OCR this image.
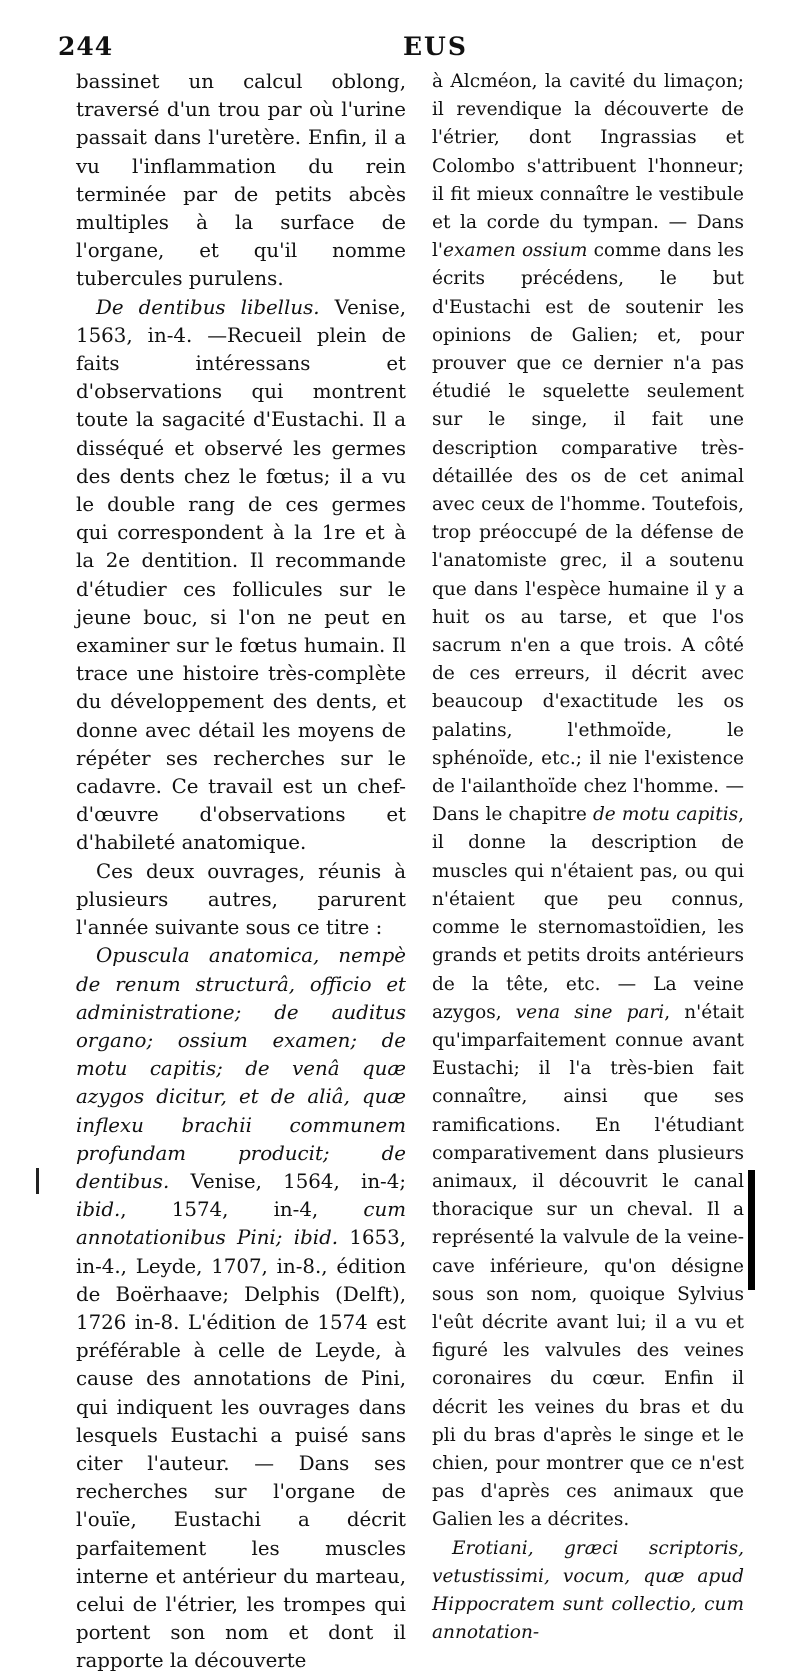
244	EUS

bassinet un calcul oblong, traversé d'un trou par où l'urine passait dans l'uretère. Enfin, il a vu l'inflammation du rein terminée par de petits abcès multiples à la surface de l'organe, et qu'il nomme tubercules purulens.

De dentibus libellus. Venise, 1563, in-4. —Recueil plein de faits intéressans et d'observations qui montrent toute la sagacité d'Eustachi. Il a disséqué et observé les germes des dents chez le fœtus; il a vu le double rang de ces germes qui correspondent à la 1re et à la 2e dentition. Il recommande d'étudier ces follicules sur le jeune bouc, si l'on ne peut en examiner sur le fœtus humain. Il trace une histoire très-complète du développement des dents, et donne avec détail les moyens de répéter ses recherches sur le cadavre. Ce travail est un chef-d'œuvre d'observations et d'habileté anatomique.

Ces deux ouvrages, réunis à plusieurs autres, parurent l'année suivante sous ce titre :

Opuscula anatomica, nempè de renum structurâ, officio et administratione; de auditus organo; ossium examen; de motu capitis; de venâ quæ azygos dicitur, et de aliâ, quæ inflexu brachii communem profundam producit; de dentibus. Venise, 1564, in-4; ibid., 1574, in-4, cum annotationibus Pini; ibid. 1653, in-4., Leyde, 1707, in-8., édition de Boërhaave; Delphis (Delft), 1726 in-8. L'édition de 1574 est préférable à celle de Leyde, à cause des annotations de Pini, qui indiquent les ouvrages dans lesquels Eustachi a puisé sans citer l'auteur. — Dans ses recherches sur l'organe de l'ouïe, Eustachi a décrit parfaitement les muscles interne et antérieur du marteau, celui de l'étrier, les trompes qui portent son nom et dont il rapporte la découverte

à Alcméon, la cavité du limaçon; il revendique la découverte de l'étrier, dont Ingrassias et Colombo s'attribuent l'honneur; il fit mieux connaître le vestibule et la corde du tympan. — Dans l'examen ossium comme dans les écrits précédens, le but d'Eustachi est de soutenir les opinions de Galien; et, pour prouver que ce dernier n'a pas étudié le squelette seulement sur le singe, il fait une description comparative très-détaillée des os de cet animal avec ceux de l'homme. Toutefois, trop préoccupé de la défense de l'anatomiste grec, il a soutenu que dans l'espèce humaine il y a huit os au tarse, et que l'os sacrum n'en a que trois. A côté de ces erreurs, il décrit avec beaucoup d'exactitude les os palatins, l'ethmoïde, le sphénoïde, etc.; il nie l'existence de l'ailanthoïde chez l'homme. — Dans le chapitre de motu capitis, il donne la description de muscles qui n'étaient pas, ou qui n'étaient que peu connus, comme le sternomastoïdien, les grands et petits droits antérieurs de la tête, etc. — La veine azygos, vena sine pari, n'était qu'imparfaitement connue avant Eustachi; il l'a très-bien fait connaître, ainsi que ses ramifications. En l'étudiant comparativement dans plusieurs animaux, il découvrit le canal thoracique sur un cheval. Il a représenté la valvule de la veine-cave inférieure, qu'on désigne sous son nom, quoique Sylvius l'eût décrite avant lui; il a vu et figuré les valvules des veines coronaires du cœur. Enfin il décrit les veines du bras et du pli du bras d'après le singe et le chien, pour montrer que ce n'est pas d'après ces animaux que Galien les a décrites.

Erotiani, græci scriptoris, vetustissimi, vocum, quæ apud Hippocratem sunt collectio, cum annotation-
